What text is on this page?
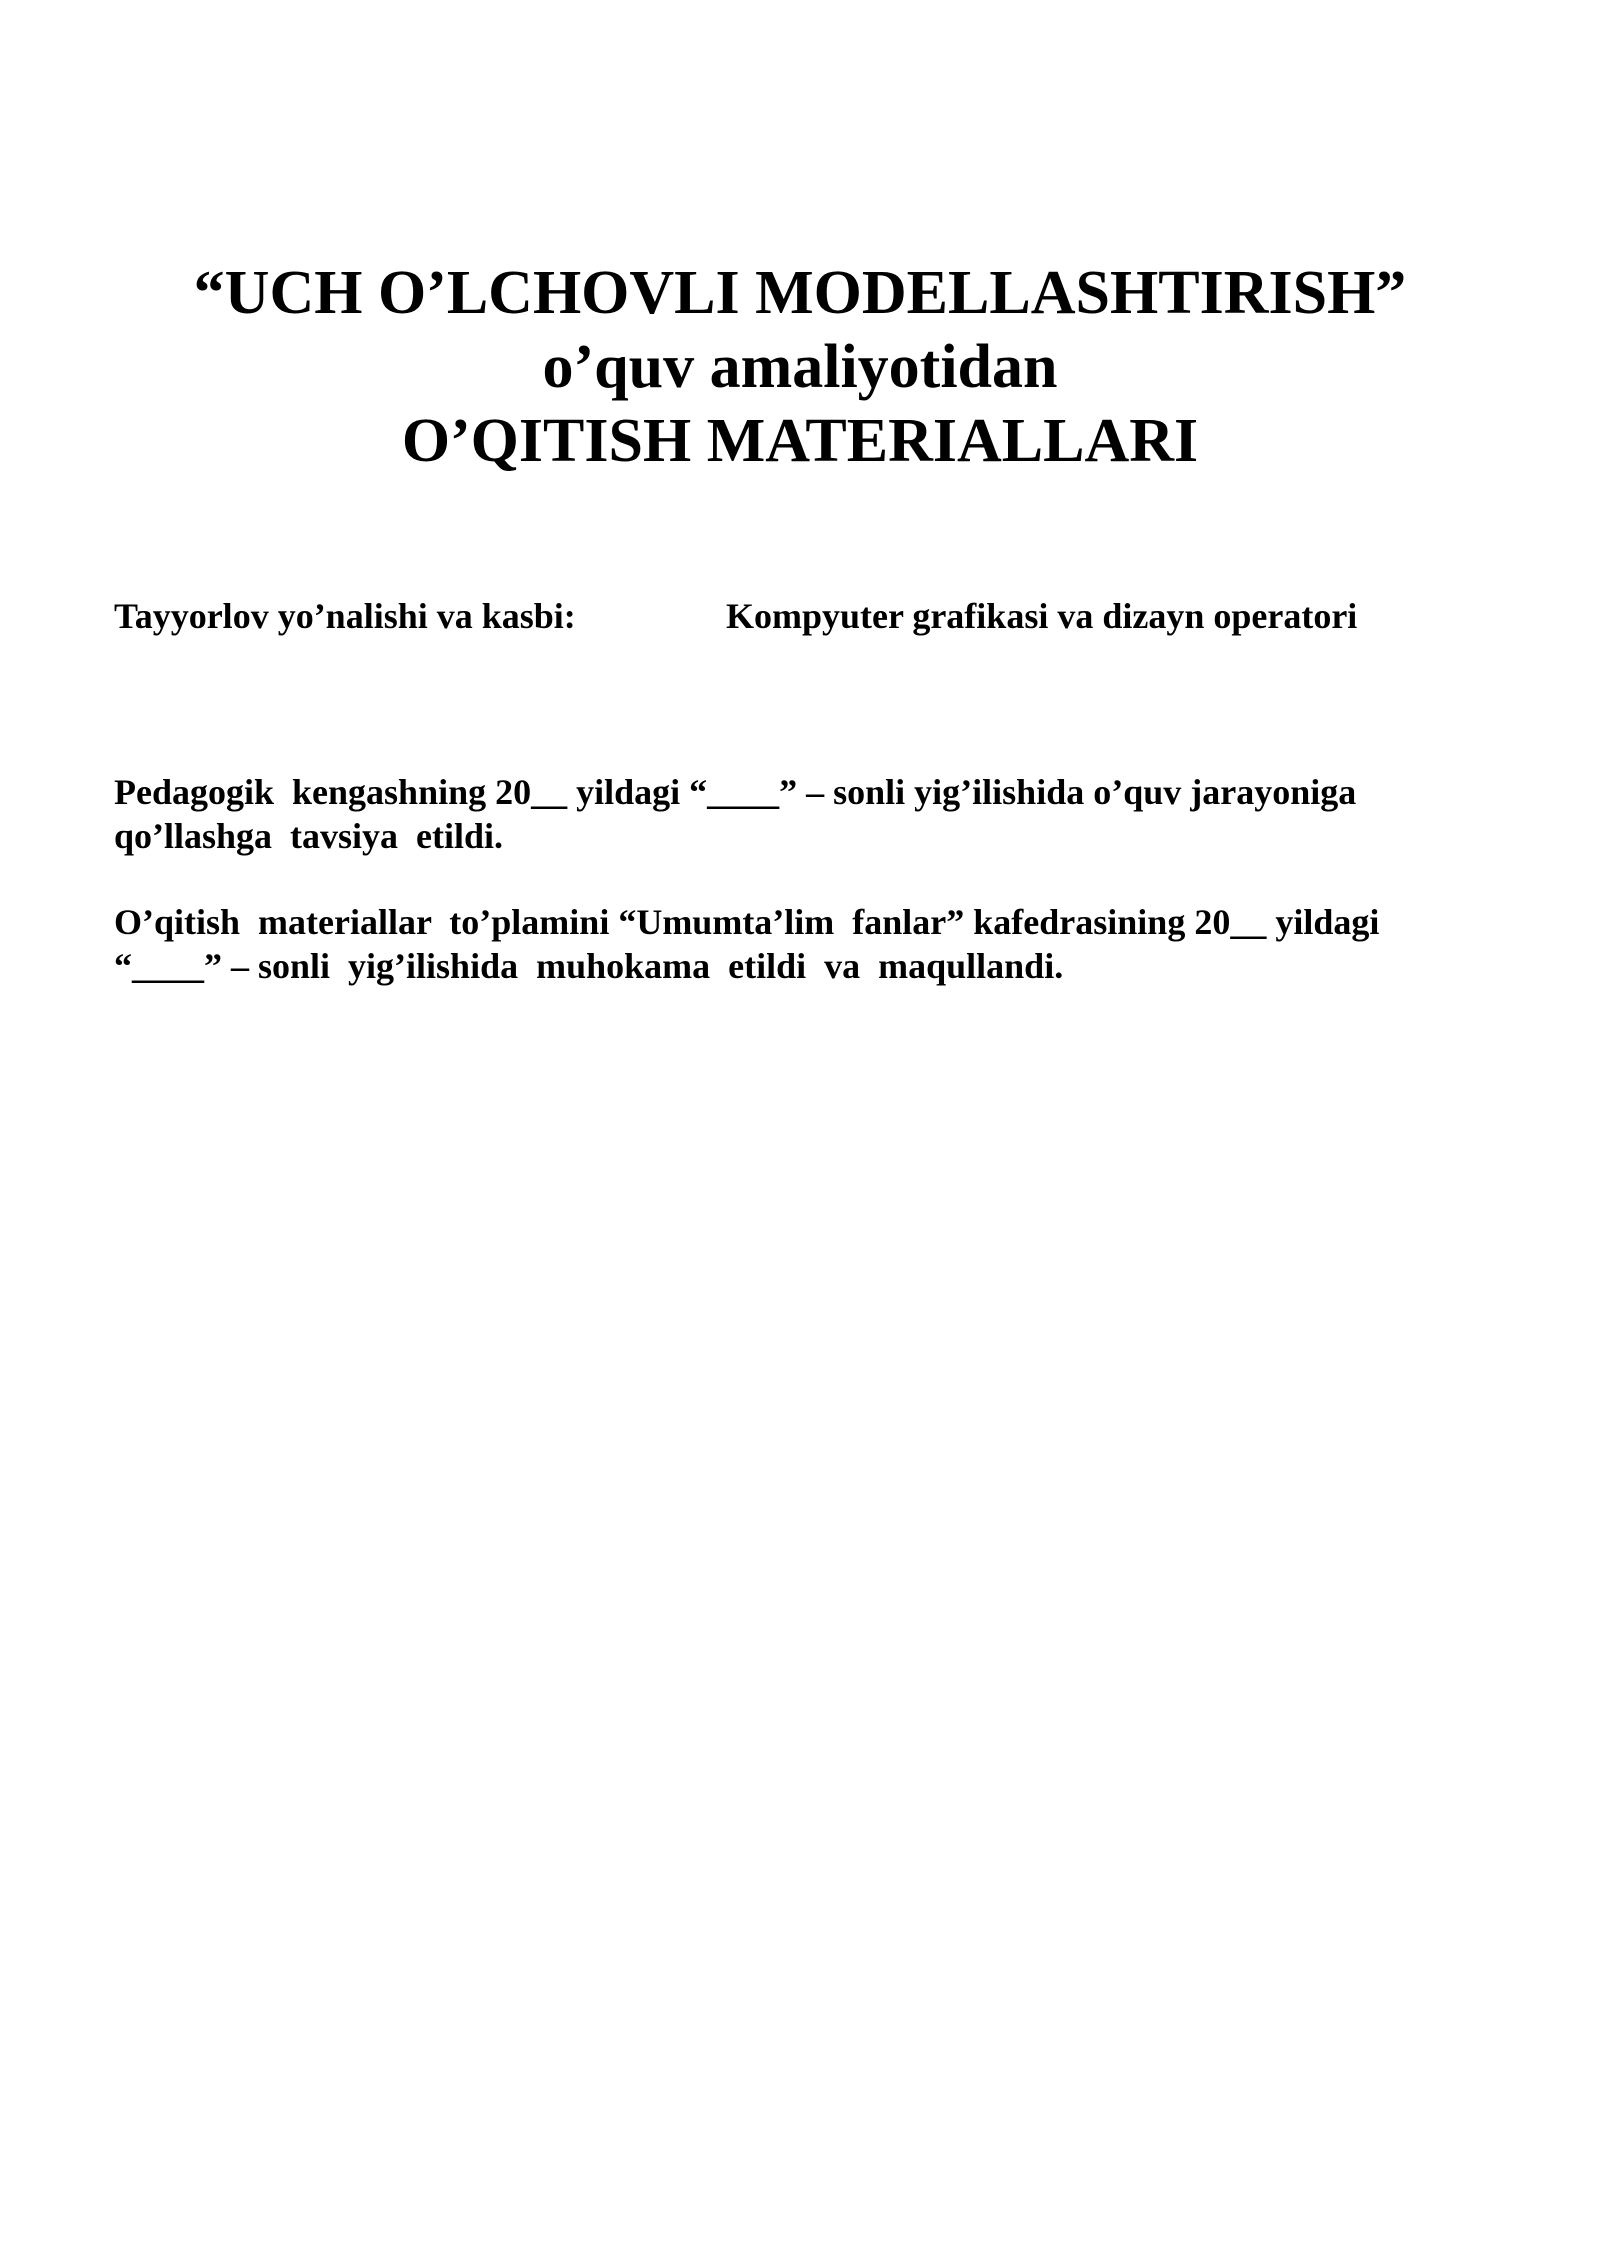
“UCH O’LCHOVLI MODELLASHTIRISH”
o’quv amaliyotidan
O’QITISH MATERIALLARI
Tayyorlov yo’nalishi va kasbi:	Kompyuter grafikasi va dizayn operatori
Pedagogik  kengashning 20__ yildagi “____” – sonli yig’ilishida o’quv jarayoniga
qo’llashga  tavsiya  etildi.
O’qitish  materiallar  to’plamini “Umumta’lim  fanlar” kafedrasining 20__ yildagi
“____” – sonli  yig’ilishida  muhokama  etildi  va  maqullandi.
